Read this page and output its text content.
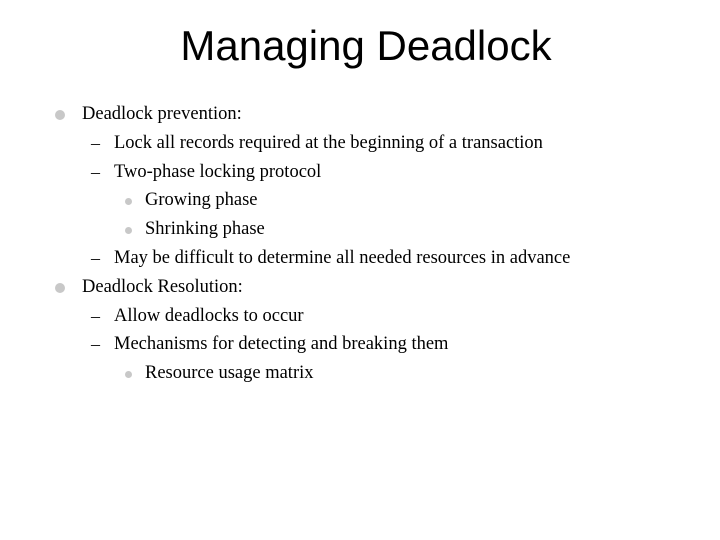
Managing Deadlock
Deadlock prevention:
– Lock all records required at the beginning of a transaction
– Two-phase locking protocol
Growing phase
Shrinking phase
– May be difficult to determine all needed resources in advance
Deadlock Resolution:
– Allow deadlocks to occur
– Mechanisms for detecting and breaking them
Resource usage matrix
